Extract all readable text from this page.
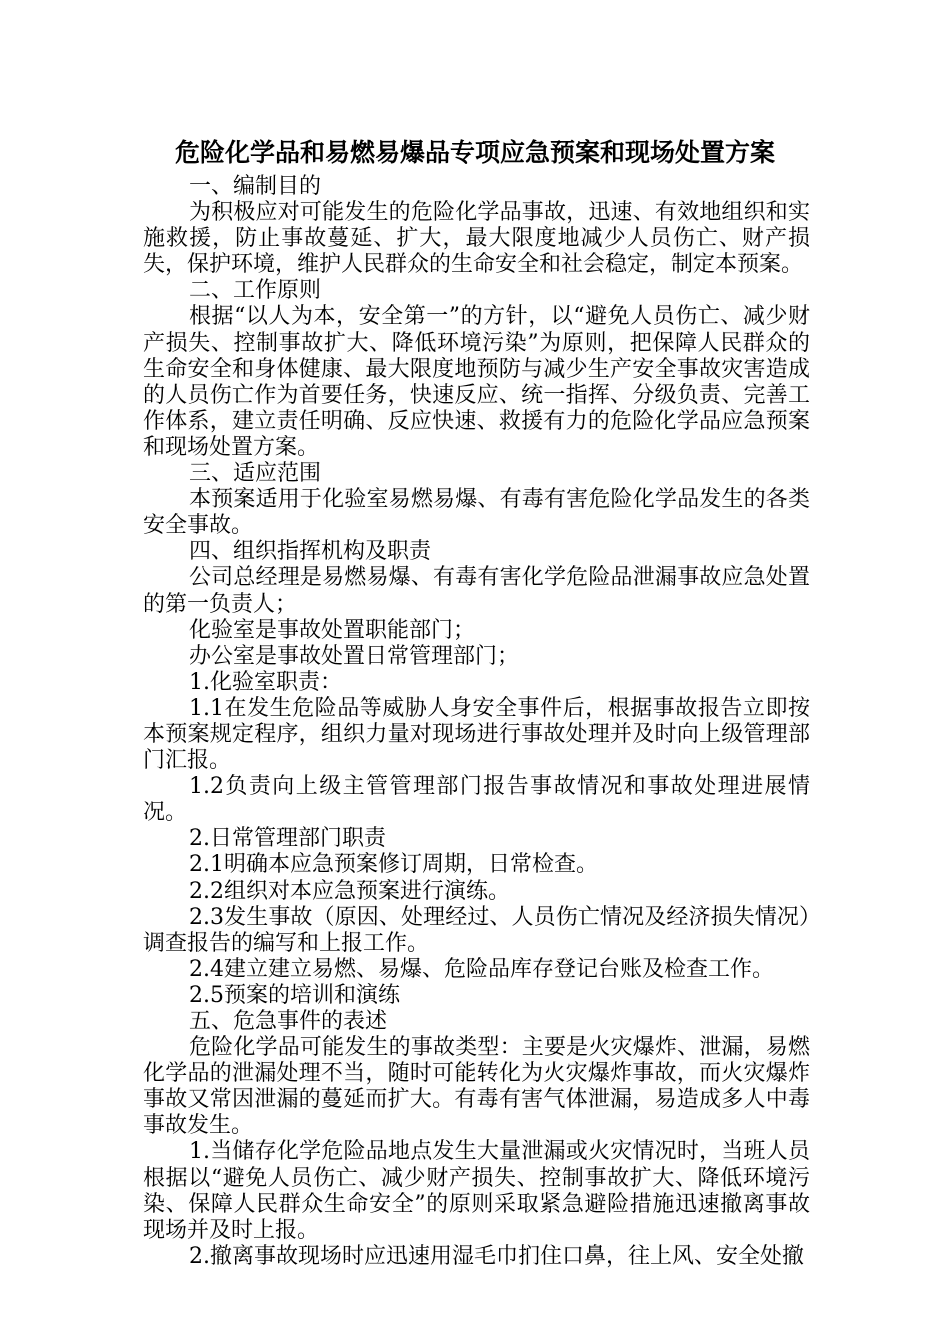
危险化学品和易燃易爆品专项应急预案和现场处置方案

一、编制目的

为积极应对可能发生的危险化学品事故，迅速、有效地组织和实施救援，防止事故蔓延、扩大，最大限度地减少人员伤亡、财产损失，保护环境，维护人民群众的生命安全和社会稳定，制定本预案。

二、工作原则

根据“以人为本，安全第一”的方针，以“避免人员伤亡、减少财产损失、控制事故扩大、降低环境污染”为原则，把保障人民群众的生命安全和身体健康、最大限度地预防与减少生产安全事故灾害造成的人员伤亡作为首要任务，快速反应、统一指挥、分级负责、完善工作体系，建立责任明确、反应快速、救援有力的危险化学品应急预案和现场处置方案。

三、适应范围

本预案适用于化验室易燃易爆、有毒有害危险化学品发生的各类安全事故。

四、组织指挥机构及职责

公司总经理是易燃易爆、有毒有害化学危险品泄漏事故应急处置的第一负责人；

化验室是事故处置职能部门；

办公室是事故处置日常管理部门；

1.化验室职责：

1.1在发生危险品等威胁人身安全事件后，根据事故报告立即按本预案规定程序，组织力量对现场进行事故处理并及时向上级管理部门汇报。

1.2负责向上级主管管理部门报告事故情况和事故处理进展情况。

2.日常管理部门职责

2.1明确本应急预案修订周期，日常检查。

2.2组织对本应急预案进行演练。

2.3发生事故（原因、处理经过、人员伤亡情况及经济损失情况）调查报告的编写和上报工作。

2.4建立建立易燃、易爆、危险品库存登记台账及检查工作。

2.5预案的培训和演练

五、危急事件的表述

危险化学品可能发生的事故类型：主要是火灾爆炸、泄漏，易燃化学品的泄漏处理不当，随时可能转化为火灾爆炸事故，而火灾爆炸事故又常因泄漏的蔓延而扩大。有毒有害气体泄漏，易造成多人中毒事故发生。

1.当储存化学危险品地点发生大量泄漏或火灾情况时，当班人员根据以“避免人员伤亡、减少财产损失、控制事故扩大、降低环境污染、保障人民群众生命安全”的原则采取紧急避险措施迅速撤离事故现场并及时上报。

2.撤离事故现场时应迅速用湿毛巾扪住口鼻，往上风、安全处撤
